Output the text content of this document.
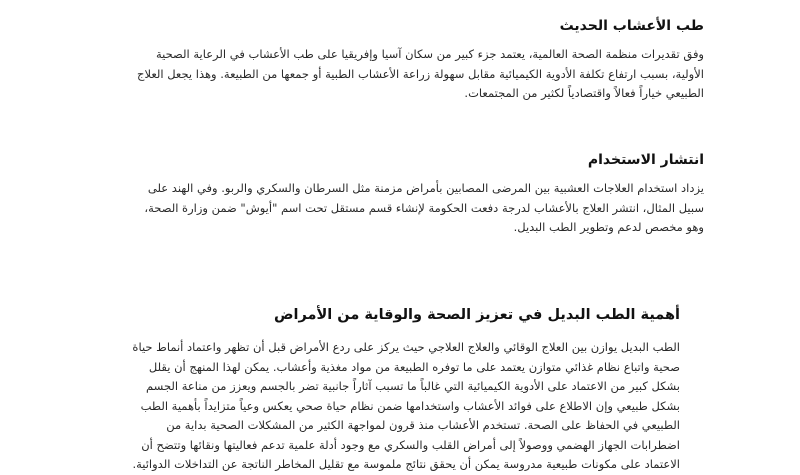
طب الأعشاب الحديث

وفق تقديرات منظمة الصحة العالمية، يعتمد جزء كبير من سكان آسيا وإفريقيا على طب الأعشاب في الرعاية الصحية الأولية، بسبب ارتفاع تكلفة الأدوية الكيميائية مقابل سهولة زراعة الأعشاب الطبية أو جمعها من الطبيعة. وهذا يجعل العلاج الطبيعي خياراً فعالاً واقتصادياً لكثير من المجتمعات.

انتشار الاستخدام

يزداد استخدام العلاجات العشبية بين المرضى المصابين بأمراض مزمنة مثل السرطان والسكري والربو. وفي الهند على سبيل المثال، انتشر العلاج بالأعشاب لدرجة دفعت الحكومة لإنشاء قسم مستقل تحت اسم "أيوش" ضمن وزارة الصحة، وهو مخصص لدعم وتطوير الطب البديل.

أهمية الطب البديل في تعزيز الصحة والوقاية من الأمراض

الطب البديل يوازن بين العلاج الوقائي والعلاج العلاجي حيث يركز على ردع الأمراض قبل أن تظهر واعتماد أنماط حياة صحية واتباع نظام غذائي متوازن يعتمد على ما توفره الطبيعة من مواد مغذية وأعشاب. يمكن لهذا المنهج أن يقلل بشكل كبير من الاعتماد على الأدوية الكيميائية التي غالباً ما تسبب آثاراً جانبية تضر بالجسم ويعزز من مناعة الجسم بشكل طبيعي وإن الاطلاع على فوائد الأعشاب واستخدامها ضمن نظام حياة صحي يعكس وعياً متزايداً بأهمية الطب الطبيعي في الحفاظ على الصحة. تستخدم الأعشاب منذ قرون لمواجهة الكثير من المشكلات الصحية بداية من اضطرابات الجهاز الهضمي ووصولاً إلى أمراض القلب والسكري مع وجود أدلة علمية تدعم فعاليتها ونقائها وتتضح أن الاعتماد على مكونات طبيعية مدروسة يمكن أن يحقق نتائج ملموسة مع تقليل المخاطر الناتجة عن التداخلات الدوائية.
